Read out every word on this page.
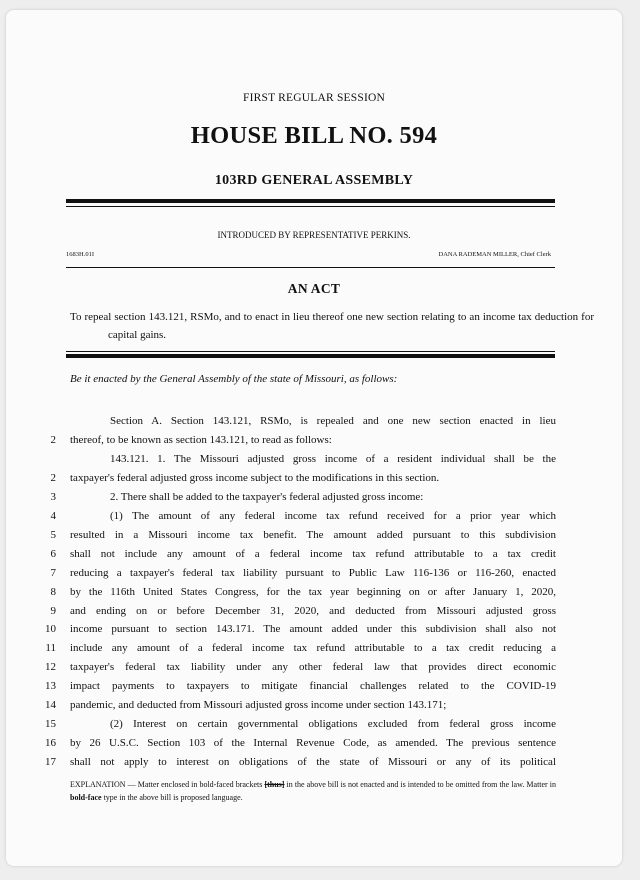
FIRST REGULAR SESSION
HOUSE BILL NO. 594
103RD GENERAL ASSEMBLY
INTRODUCED BY REPRESENTATIVE PERKINS.
1683H.01I	DANA RADEMAN MILLER, Chief Clerk
AN ACT
To repeal section 143.121, RSMo, and to enact in lieu thereof one new section relating to an income tax deduction for capital gains.
Be it enacted by the General Assembly of the state of Missouri, as follows:
Section A. Section 143.121, RSMo, is repealed and one new section enacted in lieu
2 thereof, to be known as section 143.121, to read as follows:
143.121. 1. The Missouri adjusted gross income of a resident individual shall be the
2 taxpayer's federal adjusted gross income subject to the modifications in this section.
3	2. There shall be added to the taxpayer's federal adjusted gross income:
4	(1) The amount of any federal income tax refund received for a prior year which
5 resulted in a Missouri income tax benefit. The amount added pursuant to this subdivision
6 shall not include any amount of a federal income tax refund attributable to a tax credit
7 reducing a taxpayer's federal tax liability pursuant to Public Law 116-136 or 116-260, enacted
8 by the 116th United States Congress, for the tax year beginning on or after January 1, 2020,
9 and ending on or before December 31, 2020, and deducted from Missouri adjusted gross
10 income pursuant to section 143.171. The amount added under this subdivision shall also not
11 include any amount of a federal income tax refund attributable to a tax credit reducing a
12 taxpayer's federal tax liability under any other federal law that provides direct economic
13 impact payments to taxpayers to mitigate financial challenges related to the COVID-19
14 pandemic, and deducted from Missouri adjusted gross income under section 143.171;
15	(2) Interest on certain governmental obligations excluded from federal gross income
16 by 26 U.S.C. Section 103 of the Internal Revenue Code, as amended. The previous sentence
17 shall not apply to interest on obligations of the state of Missouri or any of its political
EXPLANATION — Matter enclosed in bold-faced brackets [thus] in the above bill is not enacted and is intended to be omitted from the law. Matter in bold-face type in the above bill is proposed language.
